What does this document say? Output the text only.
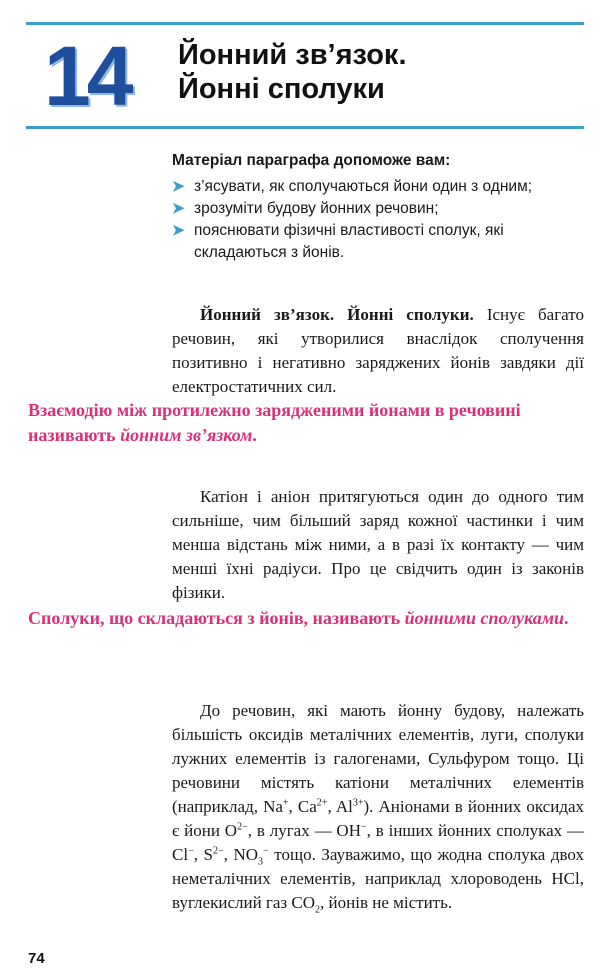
14 Йонний зв’язок.
Йонні сполуки
Матеріал параграфа допоможе вам:
➤ з’ясувати, як сполучаються йони один з одним;
➤ зрозуміти будову йонних речовин;
➤ пояснювати фізичні властивості сполук, які складаються з йонів.

Йонний зв’язок. Йонні сполуки. Існує багато речовин, які утворилися внаслідок сполучення позитивно і негативно заряджених йонів завдяки дії електростатичних сил.

Взаємодію між протилежно зарядженими йонами в речовині називають йонним зв’язком.

Катіон і аніон притягуються один до одного тим сильніше, чим більший заряд кожної частинки і чим менша відстань між ними, а в разі їх контакту — чим менші їхні радіуси. Про це свідчить один із законів фізики.

Сполуки, що складаються з йонів, називають йонними сполуками.

До речовин, які мають йонну будову, належать більшість оксидів металічних елементів, луги, сполуки лужних елементів із галогенами, Сульфуром тощо. Ці речовини містять катіони металічних елементів (наприклад, Na+, $Ca^{2+}$, $Al^{3+}$). Аніонами в йонних оксидах є йони $O^{2-}$, в лугах — OH−, в інших йонних сполуках — Cl−, $S^{2-}$, $NO_3^-$ тощо. Зауважимо, що жодна сполука двох неметалічних елементів, наприклад хлороводень HCl, вуглекислий газ $CO_2$, йонів не містить.

74
